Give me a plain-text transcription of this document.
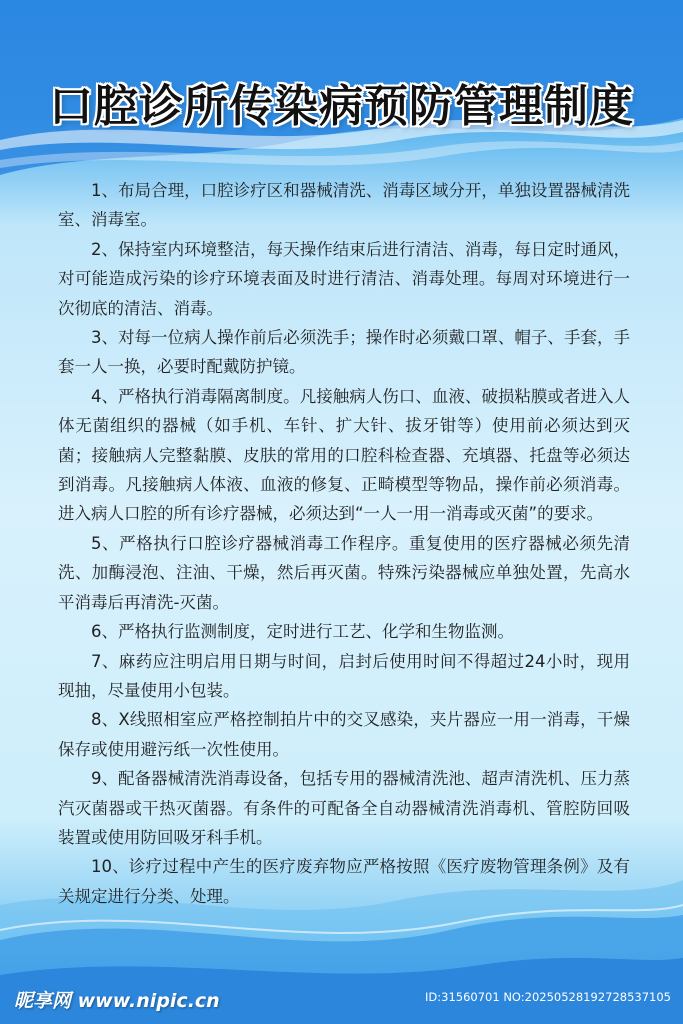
口腔诊所传染病预防管理制度

1、布局合理，口腔诊疗区和器械清洗、消毒区域分开，单独设置器械清洗室、消毒室。

2、保持室内环境整洁，每天操作结束后进行清洁、消毒，每日定时通风，对可能造成污染的诊疗环境表面及时进行清洁、消毒处理。每周对环境进行一次彻底的清洁、消毒。

3、对每一位病人操作前后必须洗手；操作时必须戴口罩、帽子、手套，手套一人一换，必要时配戴防护镜。

4、严格执行消毒隔离制度。凡接触病人伤口、血液、破损粘膜或者进入人体无菌组织的器械（如手机、车针、扩大针、拔牙钳等）使用前必须达到灭菌；接触病人完整黏膜、皮肤的常用的口腔科检查器、充填器、托盘等必须达到消毒。凡接触病人体液、血液的修复、正畸模型等物品，操作前必须消毒。进入病人口腔的所有诊疗器械，必须达到“一人一用一消毒或灭菌”的要求。

5、严格执行口腔诊疗器械消毒工作程序。重复使用的医疗器械必须先清洗、加酶浸泡、注油、干燥，然后再灭菌。特殊污染器械应单独处置，先高水平消毒后再清洗-灭菌。

6、严格执行监测制度，定时进行工艺、化学和生物监测。

7、麻药应注明启用日期与时间，启封后使用时间不得超过24小时，现用现抽，尽量使用小包装。

8、X线照相室应严格控制拍片中的交叉感染，夹片器应一用一消毒，干燥保存或使用避污纸一次性使用。

9、配备器械清洗消毒设备，包括专用的器械清洗池、超声清洗机、压力蒸汽灭菌器或干热灭菌器。有条件的可配备全自动器械清洗消毒机、管腔防回吸装置或使用防回吸牙科手机。

10、诊疗过程中产生的医疗废弃物应严格按照《医疗废物管理条例》及有关规定进行分类、处理。

昵享网 www.nipic.cn	ID:31560701 NO:20250528192728537105
